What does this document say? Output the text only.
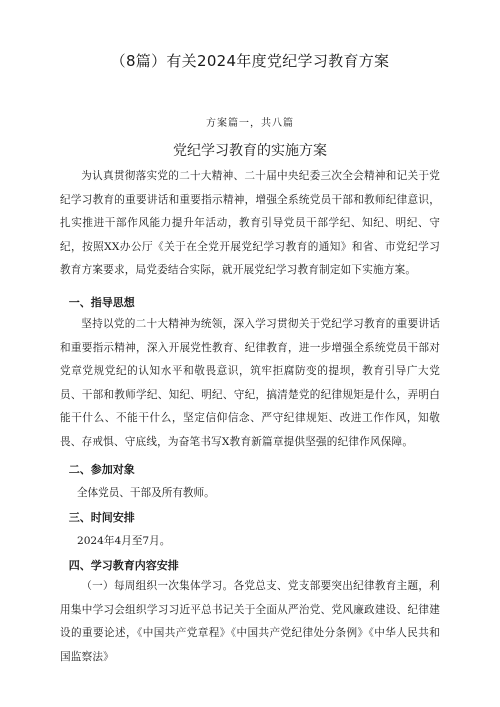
（8篇）有关2024年度党纪学习教育方案
方案篇一，共八篇
党纪学习教育的实施方案

为认真贯彻落实党的二十大精神、二十届中央纪委三次全会精神和记关于党纪学习教育的重要讲话和重要指示精神，增强全系统党员干部和教师纪律意识，扎实推进干部作风能力提升年活动，教育引导党员干部学纪、知纪、明纪、守纪，按照XX办公厅《关于在全党开展党纪学习教育的通知》和省、市党纪学习教育方案要求，局党委结合实际，就开展党纪学习教育制定如下实施方案。

一、指导思想

坚持以党的二十大精神为统领，深入学习贯彻关于党纪学习教育的重要讲话和重要指示精神，深入开展党性教育、纪律教育，进一步增强全系统党员干部对党章党规党纪的认知水平和敬畏意识，筑牢拒腐防变的提坝，教育引导广大党员、干部和教师学纪、知纪、明纪、守纪，搞清楚党的纪律规矩是什么，弄明白能干什么、不能干什么，坚定信仰信念、严守纪律规矩、改进工作作风，知敬畏、存戒惧、守底线，为奋笔书写X教育新篇章提供坚强的纪律作风保障。

二、参加对象

全体党员、干部及所有教师。

三、时间安排

2024年4月至7月。

四、学习教育内容安排

（一）每周组织一次集体学习。各党总支、党支部要突出纪律教育主题，利用集中学习会组织学习习近平总书记关于全面从严治党、党风廉政建设、纪律建设的重要论述，《中国共产党章程》《中国共产党纪律处分条例》《中华人民共和国监察法》
